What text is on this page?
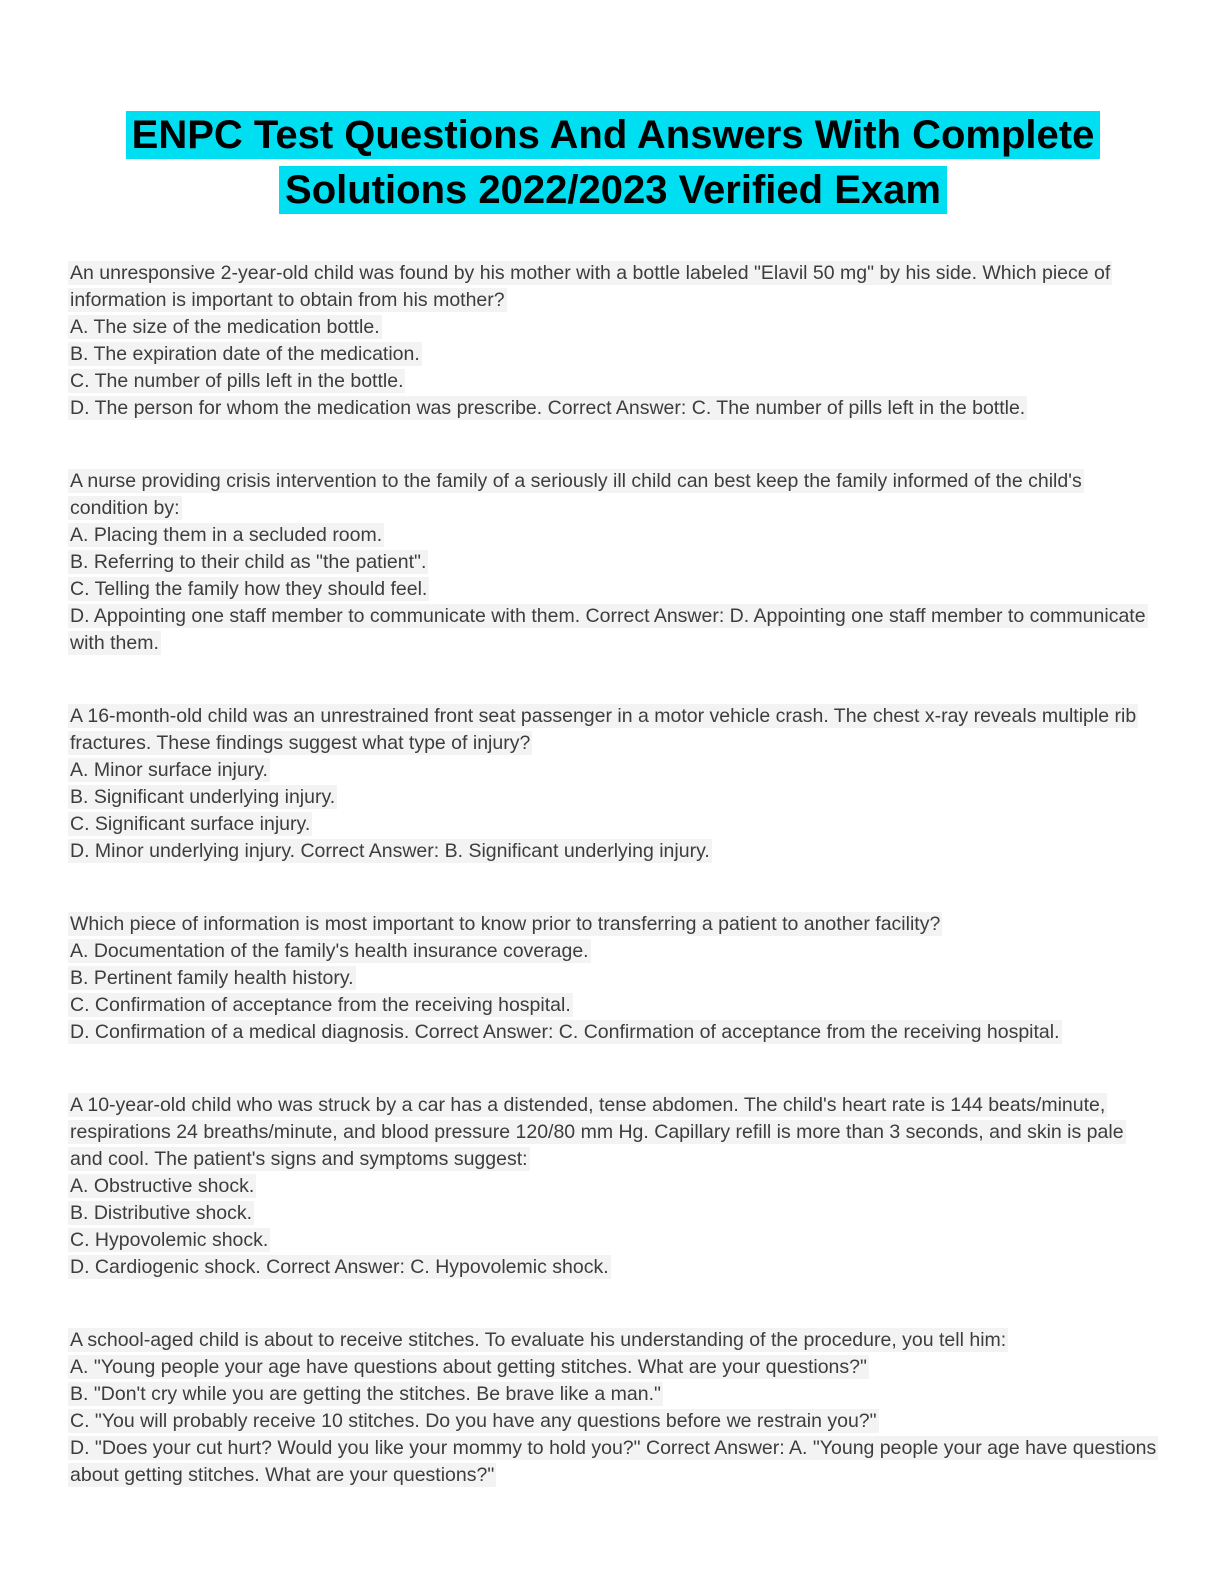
ENPC Test Questions And Answers With Complete Solutions 2022/2023 Verified Exam
An unresponsive 2-year-old child was found by his mother with a bottle labeled "Elavil 50 mg" by his side. Which piece of information is important to obtain from his mother?
A. The size of the medication bottle.
B. The expiration date of the medication.
C. The number of pills left in the bottle.
D. The person for whom the medication was prescribe. Correct Answer: C. The number of pills left in the bottle.
A nurse providing crisis intervention to the family of a seriously ill child can best keep the family informed of the child's condition by:
A. Placing them in a secluded room.
B. Referring to their child as "the patient".
C. Telling the family how they should feel.
D. Appointing one staff member to communicate with them. Correct Answer: D. Appointing one staff member to communicate with them.
A 16-month-old child was an unrestrained front seat passenger in a motor vehicle crash. The chest x-ray reveals multiple rib fractures. These findings suggest what type of injury?
A. Minor surface injury.
B. Significant underlying injury.
C. Significant surface injury.
D. Minor underlying injury. Correct Answer: B. Significant underlying injury.
Which piece of information is most important to know prior to transferring a patient to another facility?
A. Documentation of the family's health insurance coverage.
B. Pertinent family health history.
C. Confirmation of acceptance from the receiving hospital.
D. Confirmation of a medical diagnosis. Correct Answer: C. Confirmation of acceptance from the receiving hospital.
A 10-year-old child who was struck by a car has a distended, tense abdomen. The child's heart rate is 144 beats/minute, respirations 24 breaths/minute, and blood pressure 120/80 mm Hg. Capillary refill is more than 3 seconds, and skin is pale and cool. The patient's signs and symptoms suggest:
A. Obstructive shock.
B. Distributive shock.
C. Hypovolemic shock.
D. Cardiogenic shock. Correct Answer: C. Hypovolemic shock.
A school-aged child is about to receive stitches. To evaluate his understanding of the procedure, you tell him:
A. "Young people your age have questions about getting stitches. What are your questions?"
B. "Don't cry while you are getting the stitches. Be brave like a man."
C. "You will probably receive 10 stitches. Do you have any questions before we restrain you?"
D. "Does your cut hurt? Would you like your mommy to hold you?" Correct Answer: A. "Young people your age have questions about getting stitches. What are your questions?"
